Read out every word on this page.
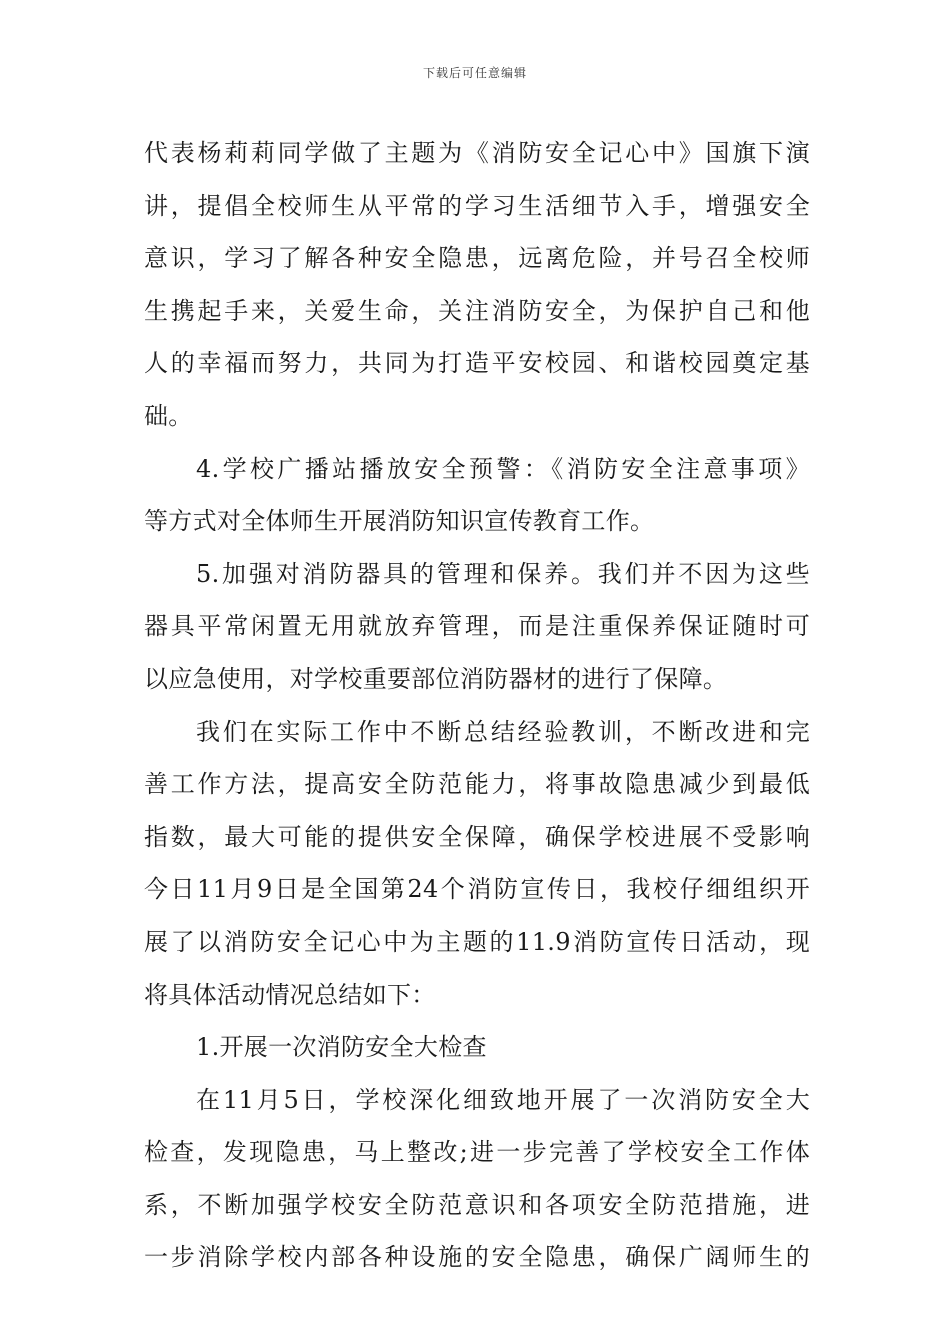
下载后可任意编辑
代表杨莉莉同学做了主题为《消防安全记心中》国旗下演
讲，提倡全校师生从平常的学习生活细节入手，增强安全
意识，学习了解各种安全隐患，远离危险，并号召全校师
生携起手来，关爱生命，关注消防安全，为保护自己和他
人的幸福而努力，共同为打造平安校园、和谐校园奠定基
础。
4.学校广播站播放安全预警：《消防安全注意事项》
等方式对全体师生开展消防知识宣传教育工作。
5.加强对消防器具的管理和保养。我们并不因为这些
器具平常闲置无用就放弃管理，而是注重保养保证随时可
以应急使用，对学校重要部位消防器材的进行了保障。
我们在实际工作中不断总结经验教训，不断改进和完
善工作方法，提高安全防范能力，将事故隐患减少到最低
指数，最大可能的提供安全保障，确保学校进展不受影响
今日11月9日是全国第24个消防宣传日，我校仔细组织开
展了以消防安全记心中为主题的11.9消防宣传日活动，现
将具体活动情况总结如下：
1.开展一次消防安全大检查
在11月5日，学校深化细致地开展了一次消防安全大
检查，发现隐患，马上整改;进一步完善了学校安全工作体
系，不断加强学校安全防范意识和各项安全防范措施，进
一步消除学校内部各种设施的安全隐患，确保广阔师生的
